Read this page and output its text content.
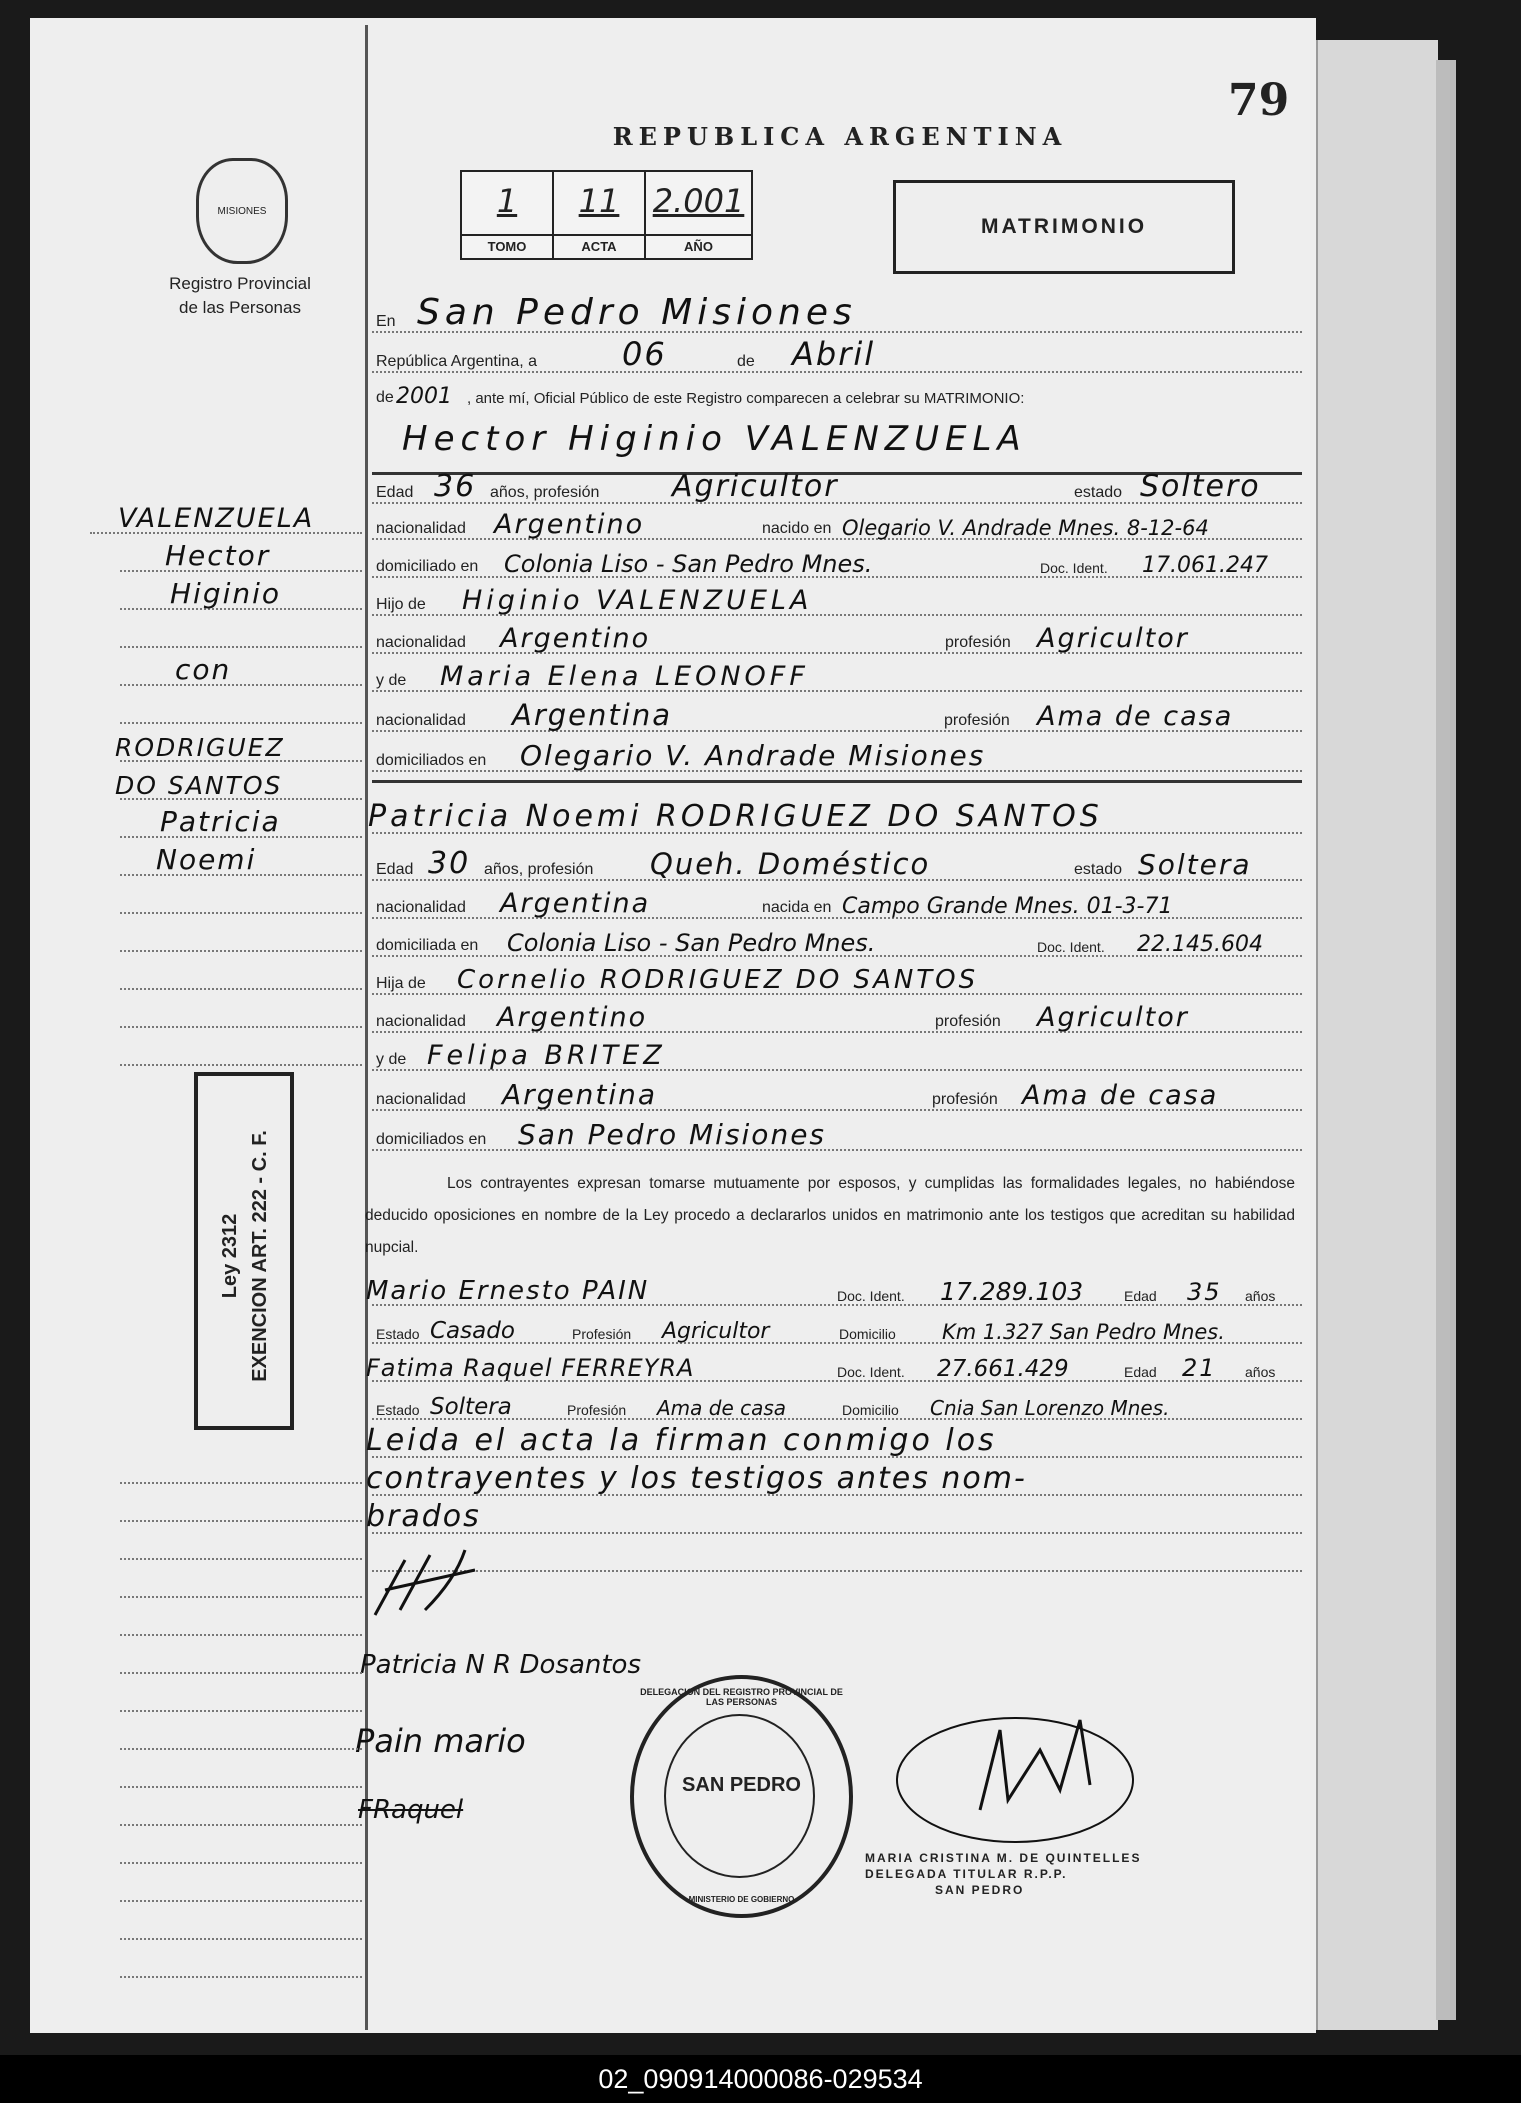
79
REPUBLICA ARGENTINA
MISIONES
Registro Provincial
de las Personas
1
TOMO
11
ACTA
2.001
AÑO
MATRIMONIO
En San Pedro Misiones
República Argentina, a	06	de Abril
de 2001 , ante mí, Oficial Público de este Registro comparecen a celebrar su MATRIMONIO:
Hector Higinio VALENZUELA
Edad 36 años, profesión Agricultor	estado Soltero
nacionalidad Argentino	nacido en Olegario V. Andrade Mnes. 8-12-64
domiciliado en Colonia Liso - San Pedro Mnes.	Doc. Ident. 17.061.247
Hijo de Higinio VALENZUELA
nacionalidad Argentino	profesión Agricultor
y de Maria Elena LEONOFF
nacionalidad Argentina	profesión Ama de casa
domiciliados en Olegario V. Andrade Misiones
Patricia Noemi RODRIGUEZ DO SANTOS
Edad 30 años, profesión Queh. Doméstico	estado Soltera
nacionalidad Argentina	nacida en Campo Grande Mnes. 01-3-71
domiciliada en Colonia Liso - San Pedro Mnes.	Doc. Ident. 22.145.604
Hija de Cornelio RODRIGUEZ DO SANTOS
nacionalidad Argentino	profesión Agricultor
y de Felipa BRITEZ
nacionalidad Argentina	profesión Ama de casa
domiciliados en San Pedro Misiones
Los contrayentes expresan tomarse mutuamente por esposos, y cumplidas las formalidades legales, no habiéndose deducido oposiciones en nombre de la Ley procedo a declararlos unidos en matrimonio ante los testigos que acreditan su habilidad nupcial.
Mario Ernesto PAIN	Doc. Ident. 17.289.103	Edad 35 años
Estado Casado	Profesión Agricultor	Domicilio Km 1.327 San Pedro Mnes.
Fatima Raquel FERREYRA	Doc. Ident. 27.661.429	Edad 21 años
Estado Soltera	Profesión Ama de casa	Domicilio Cnia San Lorenzo Mnes.
Leida el acta la firman conmigo los
contrayentes y los testigos antes nom-
brados
Patricia N R Dosantos
Pain mario
FRaquel
DELEGACION DEL REGISTRO PROVINCIAL DE LAS PERSONAS
SAN PEDRO
MINISTERIO DE GOBIERNO
MARIA CRISTINA M. DE QUINTELLES
DELEGADA TITULAR R.P.P.
SAN PEDRO
VALENZUELA
Hector
Higinio
con
RODRIGUEZ
DO SANTOS
Patricia
Noemi
Ley 2312 EXENCION ART. 222 - C. F.
02_090914000086-029534
